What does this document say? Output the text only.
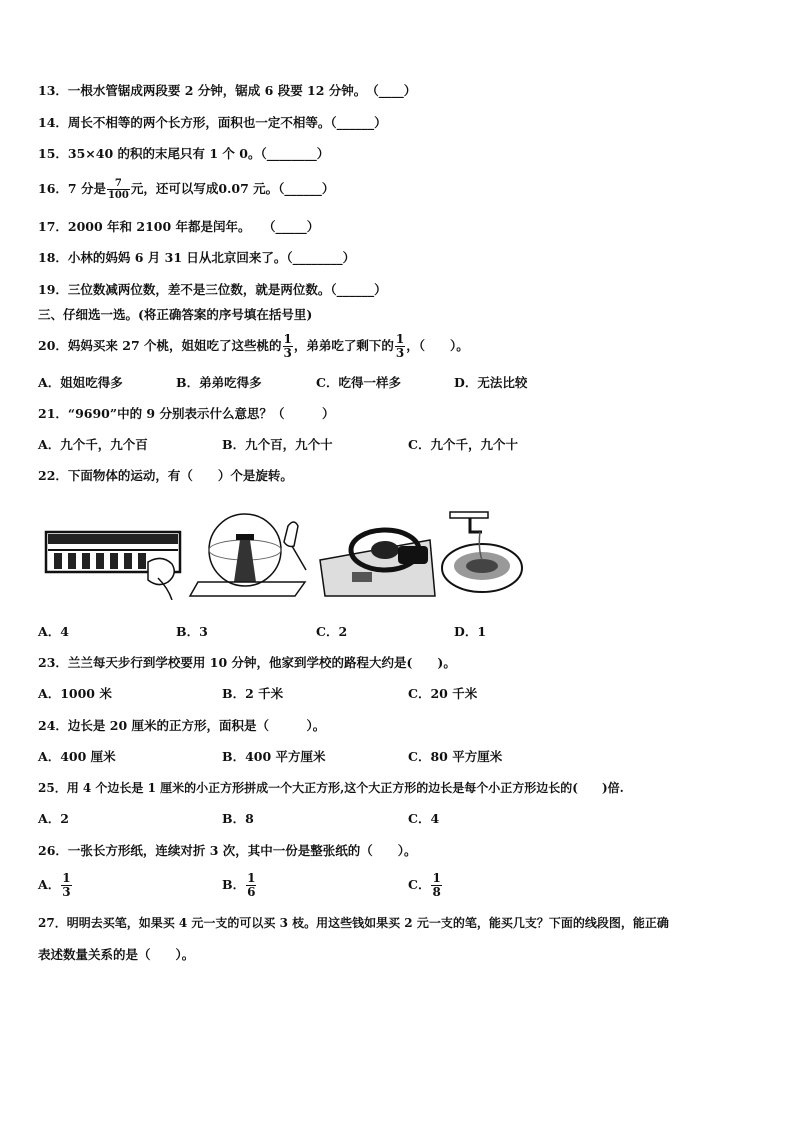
13．一根水管锯成两段要 2 分钟，锯成 6 段要 12 分钟。　（____）
14．周长不相等的两个长方形，面积也一定不相等。（______）
15．35×40 的积的末尾只有 1 个 0。（________）
16．7 分是 $\frac{7}{100}$ 元，还可以写成0.07 元。（______）
17．2000 年和 2100 年都是闰年。　　（_____）
18．小林的妈妈 6 月 31 日从北京回来了。（________）
19．三位数减两位数，差不是三位数，就是两位数。（______）
三、仔细选一选。(将正确答案的序号填在括号里)
20．妈妈买来 27 个桃，姐姐吃了这些桃的 $\frac{1}{3}$ ，弟弟吃了剩下的 $\frac{1}{3}$ ，（　　）。
A．姐姐吃得多	B．弟弟吃得多	C．吃得一样多	D．无法比较
21．“9690”中的 9 分别表示什么意思？（　　　）
A．九个千，九个百	B．九个百，九个十	C．九个千，九个十
22．下面物体的运动，有（　　）个是旋转。
A．4	B．3	C．2	D．1
23．兰兰每天步行到学校要用 10 分钟，他家到学校的路程大约是(　　)。
A．1000 米	B．2 千米	C．20 千米
24．边长是 20 厘米的正方形，面积是（　　　）。
A．400 厘米	B．400 平方厘米	C．80 平方厘米
25．用 4 个边长是 1 厘米的小正方形拼成一个大正方形,这个大正方形的边长是每个小正方形边长的(　　)倍.
A．2	B．8	C．4
26．一张长方形纸，连续对折 3 次，其中一份是整张纸的（　　）。
A． $\frac{1}{3}$	B． $\frac{1}{6}$	C． $\frac{1}{8}$
27．明明去买笔，如果买 4 元一支的可以买 3 枝。用这些钱如果买 2 元一支的笔，能买几支？下面的线段图，能正确
表述数量关系的是（　　）。
